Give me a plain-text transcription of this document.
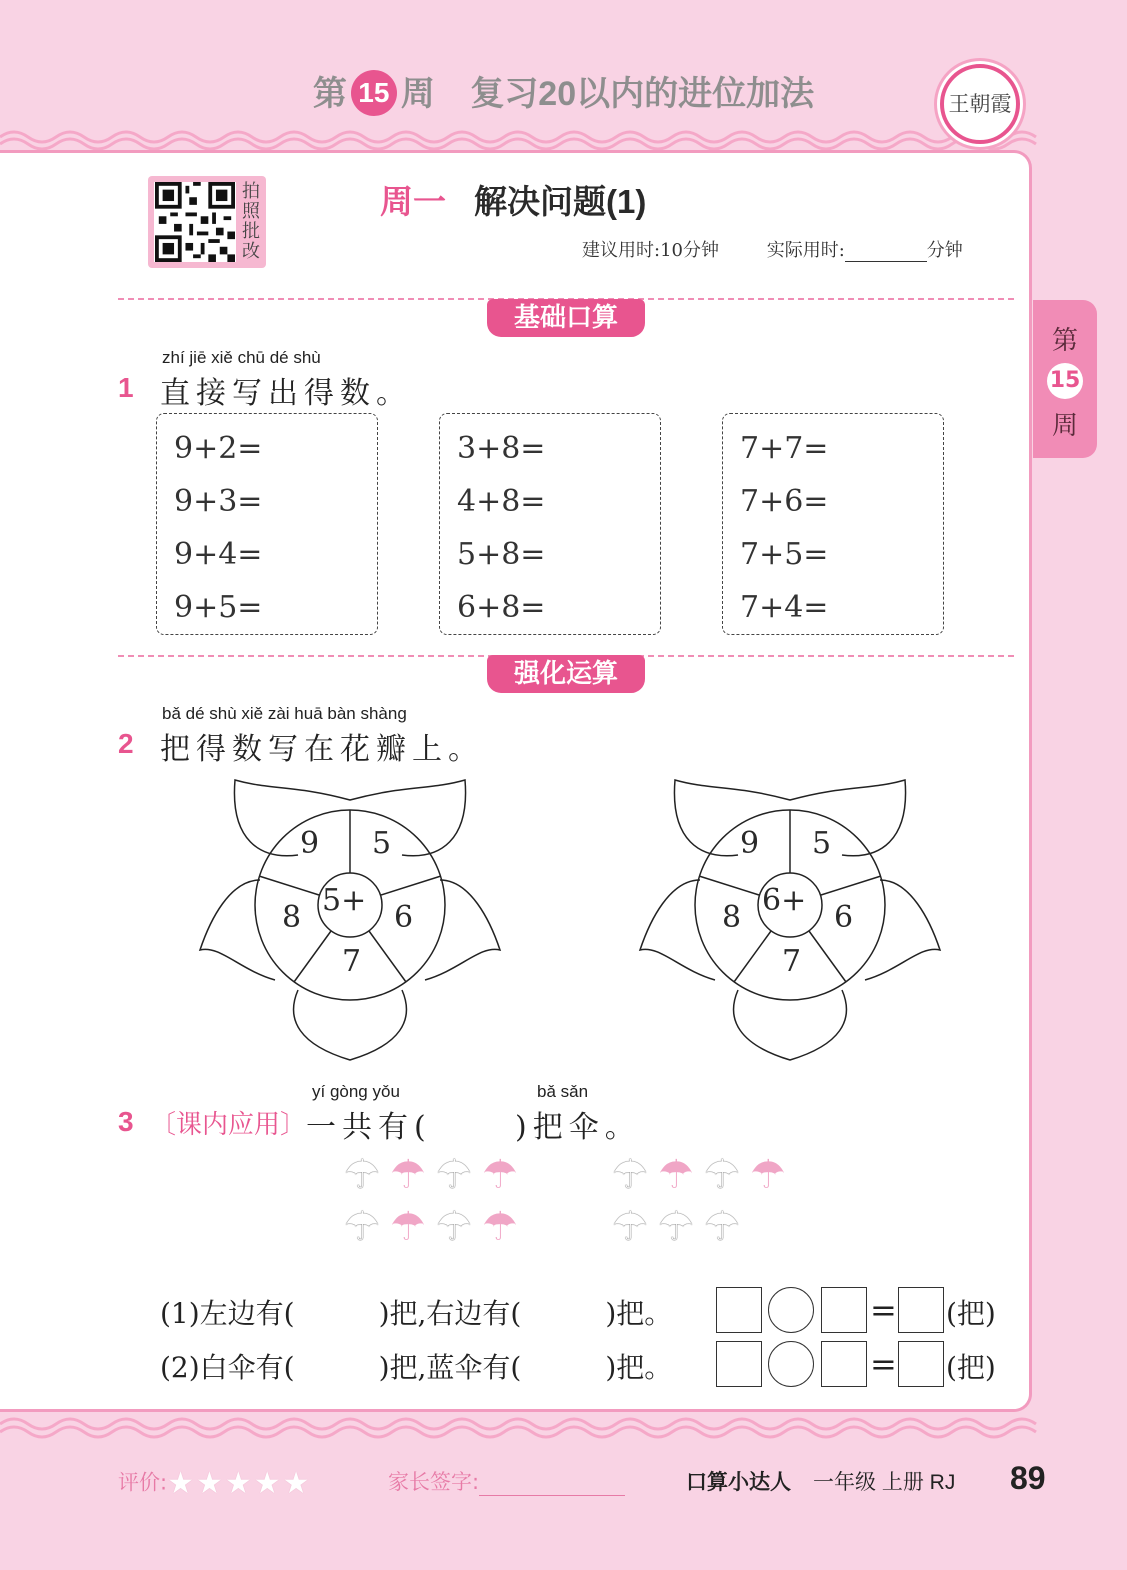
第 15 周 复习20以内的进位加法	王朝霞
第
15
周
拍照批改
周一 解决问题(1)
建议用时:10分钟	实际用时:	分钟
基础口算
zhí jiē xiě chū dé shù
1 直接写出得数。
9+2=
9+3=
9+4=
9+5=
3+8=
4+8=
5+8=
6+8=
7+7=
7+6=
7+5=
7+4=
强化运算
bǎ dé shù xiě zài huā bàn shàng
2 把得数写在花瓣上。
9 5
6
7
8 5+
9 5
6
7
8 6+
yí gòng yǒu	bǎ sǎn
3 〔课内应用〕 一共有(	)把伞。
☂ ☂ ☂ ☂
☂ ☂ ☂ ☂
☂ ☂ ☂ ☂
☂ ☂ ☂
(1)左边有(　　　)把,右边有(　　　)把。	= (把)
(2)白伞有(　　　)把,蓝伞有(　　　)把。	= (把)
评价:★★★★★	家长签字:	口算小达人 一年级 上册 RJ 89
